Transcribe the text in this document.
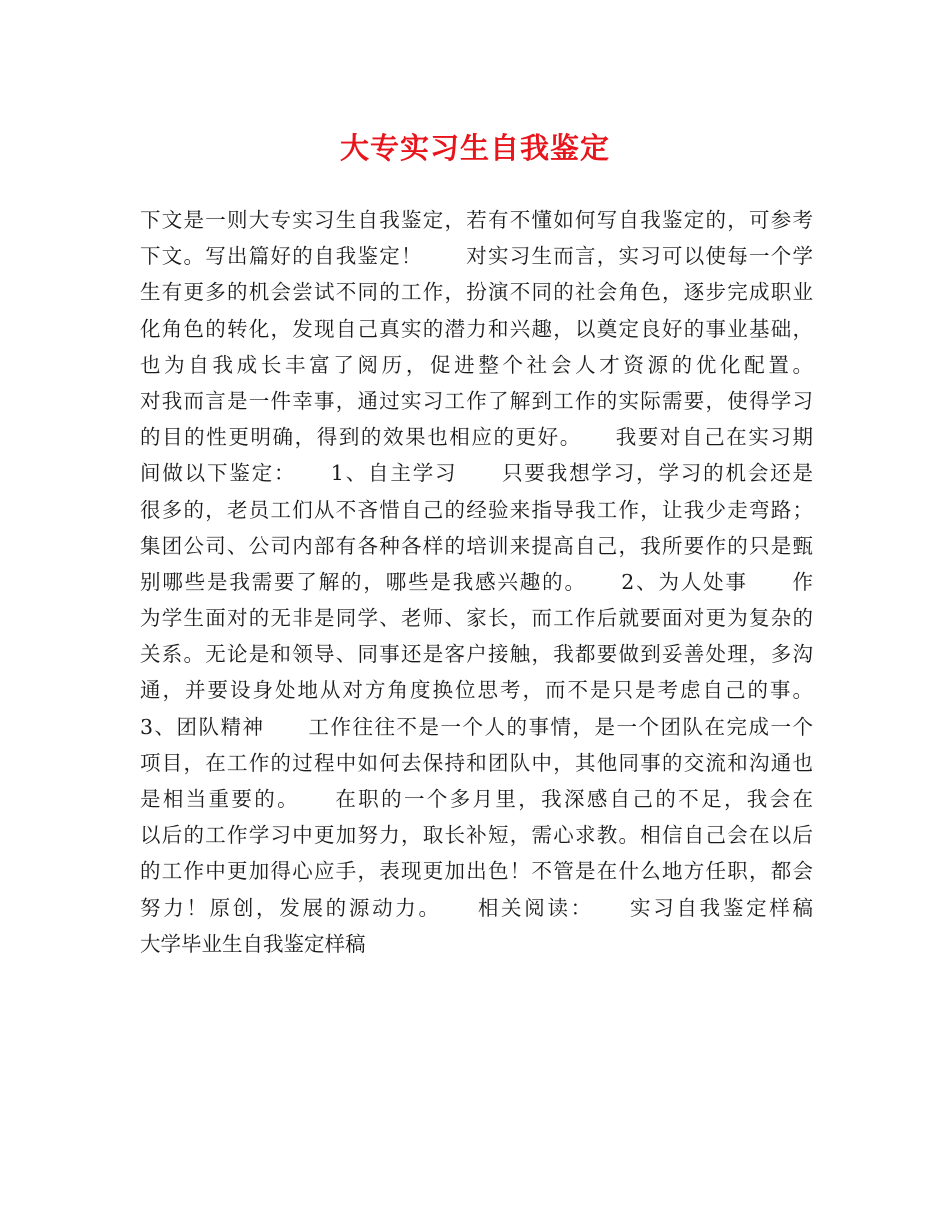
大专实习生自我鉴定
下文是一则大专实习生自我鉴定，若有不懂如何写自我鉴定的，可参考
下文。写出篇好的自我鉴定！　　对实习生而言，实习可以使每一个学
生有更多的机会尝试不同的工作，扮演不同的社会角色，逐步完成职业
化角色的转化，发现自己真实的潜力和兴趣，以奠定良好的事业基础，
也为自我成长丰富了阅历，促进整个社会人才资源的优化配置。
对我而言是一件幸事，通过实习工作了解到工作的实际需要，使得学习
的目的性更明确，得到的效果也相应的更好。　　我要对自己在实习期
间做以下鉴定：　　1、自主学习　　只要我想学习，学习的机会还是
很多的，老员工们从不吝惜自己的经验来指导我工作，让我少走弯路；
集团公司、公司内部有各种各样的培训来提高自己，我所要作的只是甄
别哪些是我需要了解的，哪些是我感兴趣的。　　2、为人处事　　作
为学生面对的无非是同学、老师、家长，而工作后就要面对更为复杂的
关系。无论是和领导、同事还是客户接触，我都要做到妥善处理，多沟
通，并要设身处地从对方角度换位思考，而不是只是考虑自己的事。
3、团队精神　　工作往往不是一个人的事情，是一个团队在完成一个
项目，在工作的过程中如何去保持和团队中，其他同事的交流和沟通也
是相当重要的。　　在职的一个多月里，我深感自己的不足，我会在
以后的工作学习中更加努力，取长补短，需心求教。相信自己会在以后
的工作中更加得心应手，表现更加出色！不管是在什么地方任职，都会
努力！原创，发展的源动力。　　相关阅读：　　实习自我鉴定样稿
大学毕业生自我鉴定样稿
